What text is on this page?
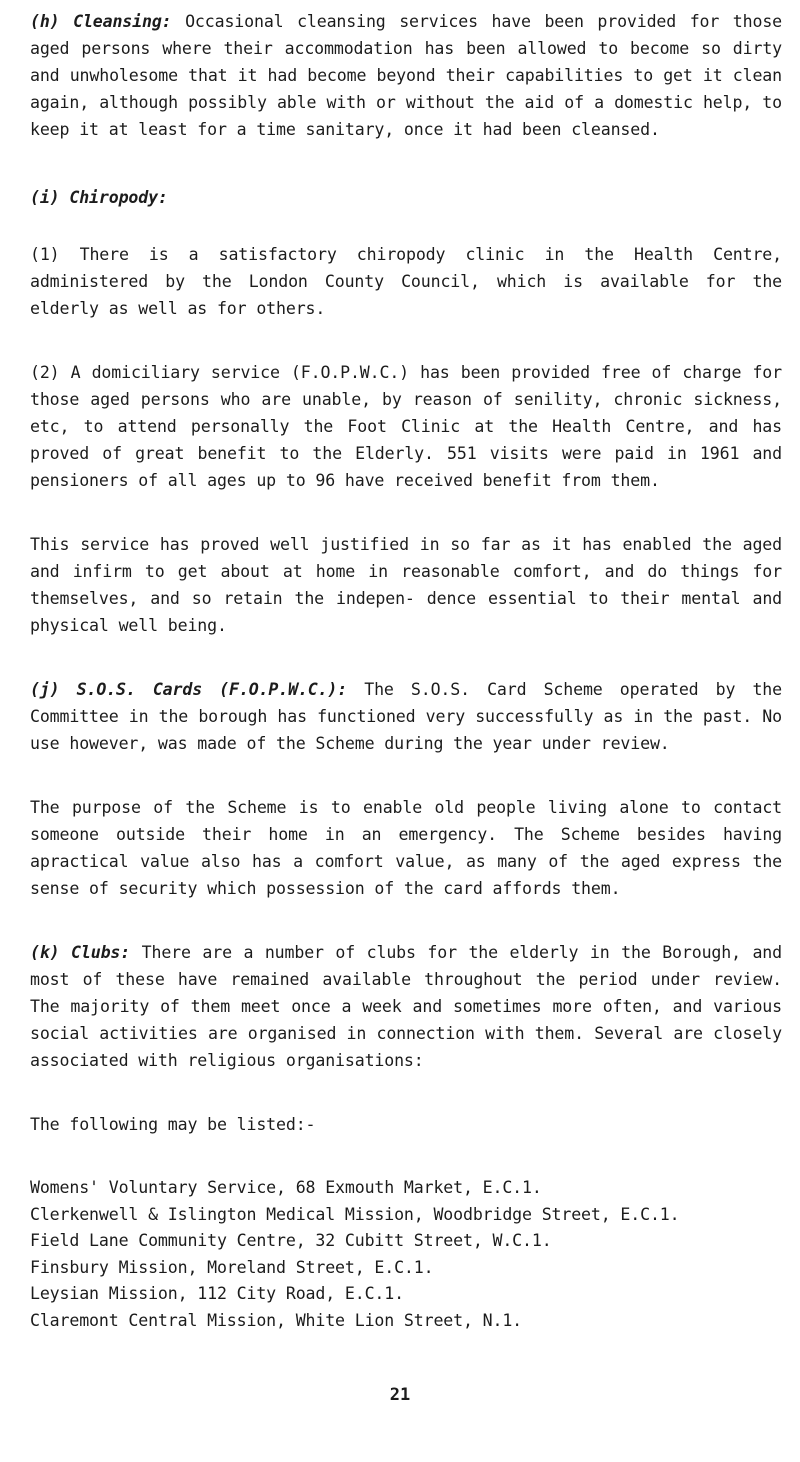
(h) Cleansing: Occasional cleansing services have been provided for those aged persons where their accommodation has been allowed to become so dirty and unwholesome that it had become beyond their capabilities to get it clean again, although possibly able with or without the aid of a domestic help, to keep it at least for a time sanitary, once it had been cleansed.

(i) Chiropody:

(1) There is a satisfactory chiropody clinic in the Health Centre, administered by the London County Council, which is available for the elderly as well as for others.

(2) A domiciliary service (F.O.P.W.C.) has been provided free of charge for those aged persons who are unable, by reason of senility, chronic sickness, etc, to attend personally the Foot Clinic at the Health Centre, and has proved of great benefit to the Elderly. 551 visits were paid in 1961 and pensioners of all ages up to 96 have received benefit from them.

This service has proved well justified in so far as it has enabled the aged and infirm to get about at home in reasonable comfort, and do things for themselves, and so retain the indepen- dence essential to their mental and physical well being.

(j) S.O.S. Cards (F.O.P.W.C.): The S.O.S. Card Scheme operated by the Committee in the borough has functioned very successfully as in the past. No use however, was made of the Scheme during the year under review.

The purpose of the Scheme is to enable old people living alone to contact someone outside their home in an emergency. The Scheme besides having apractical value also has a comfort value, as many of the aged express the sense of security which possession of the card affords them.

(k) Clubs: There are a number of clubs for the elderly in the Borough, and most of these have remained available throughout the period under review. The majority of them meet once a week and sometimes more often, and various social activities are organised in connection with them. Several are closely associated with religious organisations:

The following may be listed:-

Womens' Voluntary Service, 68 Exmouth Market, E.C.1.

Clerkenwell & Islington Medical Mission, Woodbridge Street, E.C.1.

Field Lane Community Centre, 32 Cubitt Street, W.C.1.

Finsbury Mission, Moreland Street, E.C.1.

Leysian Mission, 112 City Road, E.C.1.

Claremont Central Mission, White Lion Street, N.1.

21
